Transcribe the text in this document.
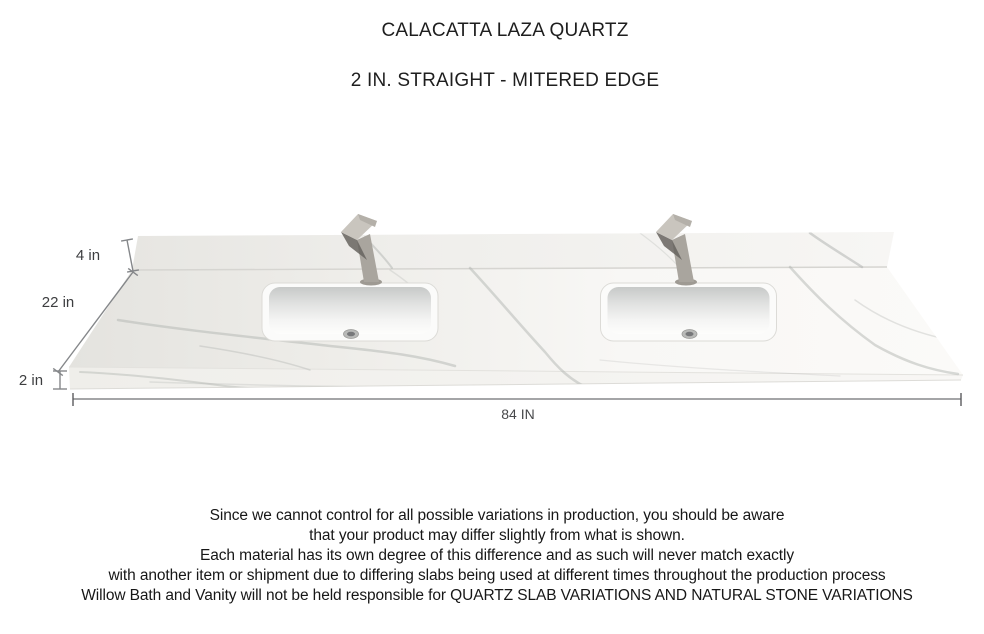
CALACATTA LAZA QUARTZ
2 IN. STRAIGHT - MITERED EDGE
4 in
22 in
2 in
84 IN
Since we cannot control for all possible variations in production, you should be aware
that your product may differ slightly from what is shown.
Each material has its own degree of this difference and as such will never match exactly
with another item or shipment due to differing slabs being used at different times throughout the production process
Willow Bath and Vanity will not be held responsible for QUARTZ SLAB VARIATIONS AND NATURAL STONE VARIATIONS
